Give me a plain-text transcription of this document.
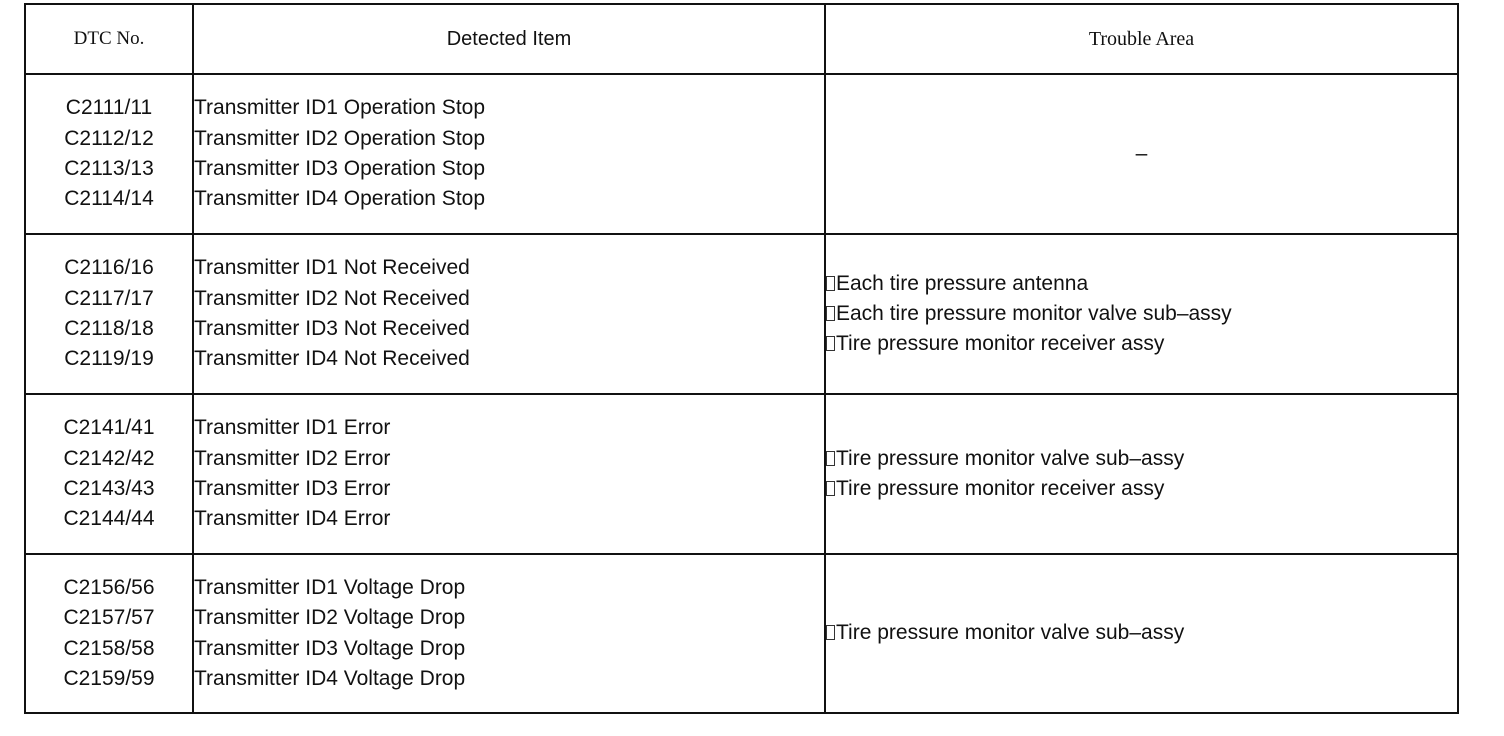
DTC No.	Detected Item	Trouble Area

C2111/11
C2112/12
C2113/13
C2114/14	Transmitter ID1 Operation Stop
Transmitter ID2 Operation Stop
Transmitter ID3 Operation Stop
Transmitter ID4 Operation Stop	–

C2116/16
C2117/17
C2118/18
C2119/19	Transmitter ID1 Not Received
Transmitter ID2 Not Received
Transmitter ID3 Not Received
Transmitter ID4 Not Received	Each tire pressure antenna
Each tire pressure monitor valve sub–assy
Tire pressure monitor receiver assy

C2141/41
C2142/42
C2143/43
C2144/44	Transmitter ID1 Error
Transmitter ID2 Error
Transmitter ID3 Error
Transmitter ID4 Error	Tire pressure monitor valve sub–assy
Tire pressure monitor receiver assy

C2156/56
C2157/57
C2158/58
C2159/59	Transmitter ID1 Voltage Drop
Transmitter ID2 Voltage Drop
Transmitter ID3 Voltage Drop
Transmitter ID4 Voltage Drop	Tire pressure monitor valve sub–assy
